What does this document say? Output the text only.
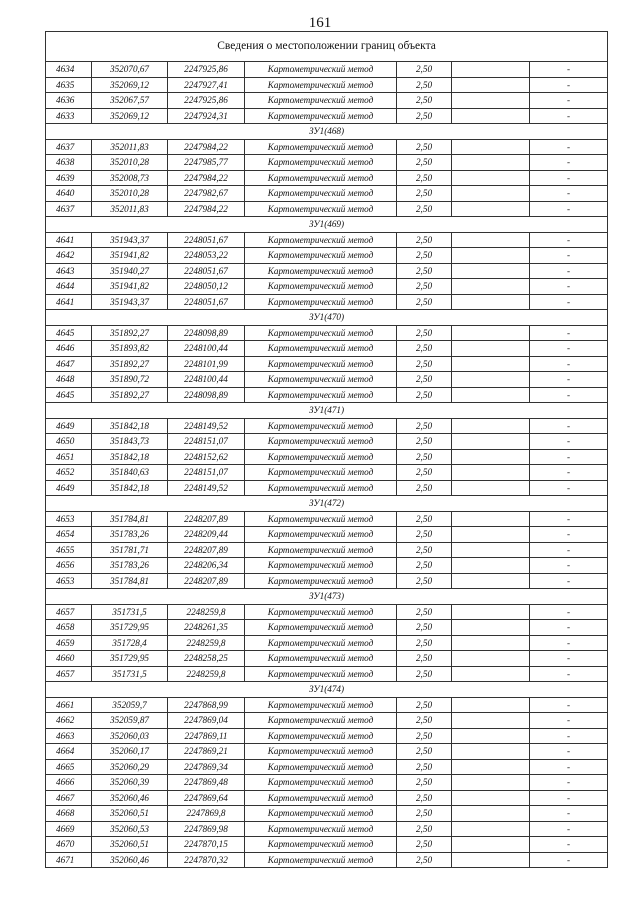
161
Сведения о местоположении границ объекта						
4634	352070,67	2247925,86	Картометрический метод	2,50		-
4635	352069,12	2247927,41	Картометрический метод	2,50		-
4636	352067,57	2247925,86	Картометрический метод	2,50		-
4633	352069,12	2247924,31	Картометрический метод	2,50		-
ЗУ1(468)						
4637	352011,83	2247984,22	Картометрический метод	2,50		-
4638	352010,28	2247985,77	Картометрический метод	2,50		-
4639	352008,73	2247984,22	Картометрический метод	2,50		-
4640	352010,28	2247982,67	Картометрический метод	2,50		-
4637	352011,83	2247984,22	Картометрический метод	2,50		-
ЗУ1(469)						
4641	351943,37	2248051,67	Картометрический метод	2,50		-
4642	351941,82	2248053,22	Картометрический метод	2,50		-
4643	351940,27	2248051,67	Картометрический метод	2,50		-
4644	351941,82	2248050,12	Картометрический метод	2,50		-
4641	351943,37	2248051,67	Картометрический метод	2,50		-
ЗУ1(470)						
4645	351892,27	2248098,89	Картометрический метод	2,50		-
4646	351893,82	2248100,44	Картометрический метод	2,50		-
4647	351892,27	2248101,99	Картометрический метод	2,50		-
4648	351890,72	2248100,44	Картометрический метод	2,50		-
4645	351892,27	2248098,89	Картометрический метод	2,50		-
ЗУ1(471)						
4649	351842,18	2248149,52	Картометрический метод	2,50		-
4650	351843,73	2248151,07	Картометрический метод	2,50		-
4651	351842,18	2248152,62	Картометрический метод	2,50		-
4652	351840,63	2248151,07	Картометрический метод	2,50		-
4649	351842,18	2248149,52	Картометрический метод	2,50		-
ЗУ1(472)						
4653	351784,81	2248207,89	Картометрический метод	2,50		-
4654	351783,26	2248209,44	Картометрический метод	2,50		-
4655	351781,71	2248207,89	Картометрический метод	2,50		-
4656	351783,26	2248206,34	Картометрический метод	2,50		-
4653	351784,81	2248207,89	Картометрический метод	2,50		-
ЗУ1(473)						
4657	351731,5	2248259,8	Картометрический метод	2,50		-
4658	351729,95	2248261,35	Картометрический метод	2,50		-
4659	351728,4	2248259,8	Картометрический метод	2,50		-
4660	351729,95	2248258,25	Картометрический метод	2,50		-
4657	351731,5	2248259,8	Картометрический метод	2,50		-
ЗУ1(474)						
4661	352059,7	2247868,99	Картометрический метод	2,50		-
4662	352059,87	2247869,04	Картометрический метод	2,50		-
4663	352060,03	2247869,11	Картометрический метод	2,50		-
4664	352060,17	2247869,21	Картометрический метод	2,50		-
4665	352060,29	2247869,34	Картометрический метод	2,50		-
4666	352060,39	2247869,48	Картометрический метод	2,50		-
4667	352060,46	2247869,64	Картометрический метод	2,50		-
4668	352060,51	2247869,8	Картометрический метод	2,50		-
4669	352060,53	2247869,98	Картометрический метод	2,50		-
4670	352060,51	2247870,15	Картометрический метод	2,50		-
4671	352060,46	2247870,32	Картометрический метод	2,50		-
